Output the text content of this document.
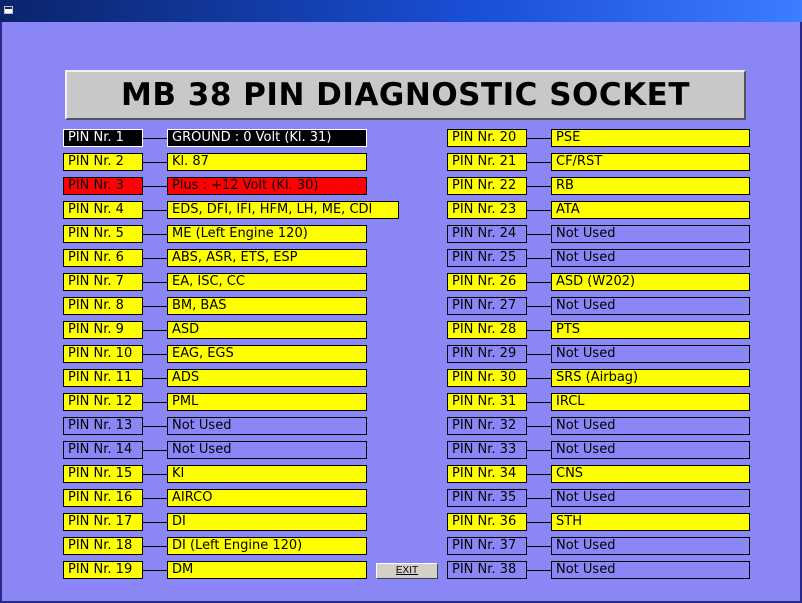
MB 38 PIN DIAGNOSTIC SOCKET
PIN Nr. 1	GROUND : 0 Volt (Kl. 31)
PIN Nr. 2	Kl. 87
PIN Nr. 3	Plus : +12 Volt (Kl. 30)
PIN Nr. 4	EDS, DFI, IFI, HFM, LH, ME, CDI
PIN Nr. 5	ME (Left Engine 120)
PIN Nr. 6	ABS, ASR, ETS, ESP
PIN Nr. 7	EA, ISC, CC
PIN Nr. 8	BM, BAS
PIN Nr. 9	ASD
PIN Nr. 10	EAG, EGS
PIN Nr. 11	ADS
PIN Nr. 12	PML
PIN Nr. 13	Not Used
PIN Nr. 14	Not Used
PIN Nr. 15	KI
PIN Nr. 16	AIRCO
PIN Nr. 17	DI
PIN Nr. 18	DI (Left Engine 120)
PIN Nr. 19	DM
PIN Nr. 20	PSE
PIN Nr. 21	CF/RST
PIN Nr. 22	RB
PIN Nr. 23	ATA
PIN Nr. 24	Not Used
PIN Nr. 25	Not Used
PIN Nr. 26	ASD (W202)
PIN Nr. 27	Not Used
PIN Nr. 28	PTS
PIN Nr. 29	Not Used
PIN Nr. 30	SRS (Airbag)
PIN Nr. 31	IRCL
PIN Nr. 32	Not Used
PIN Nr. 33	Not Used
PIN Nr. 34	CNS
PIN Nr. 35	Not Used
PIN Nr. 36	STH
PIN Nr. 37	Not Used
PIN Nr. 38	Not Used
EXIT
